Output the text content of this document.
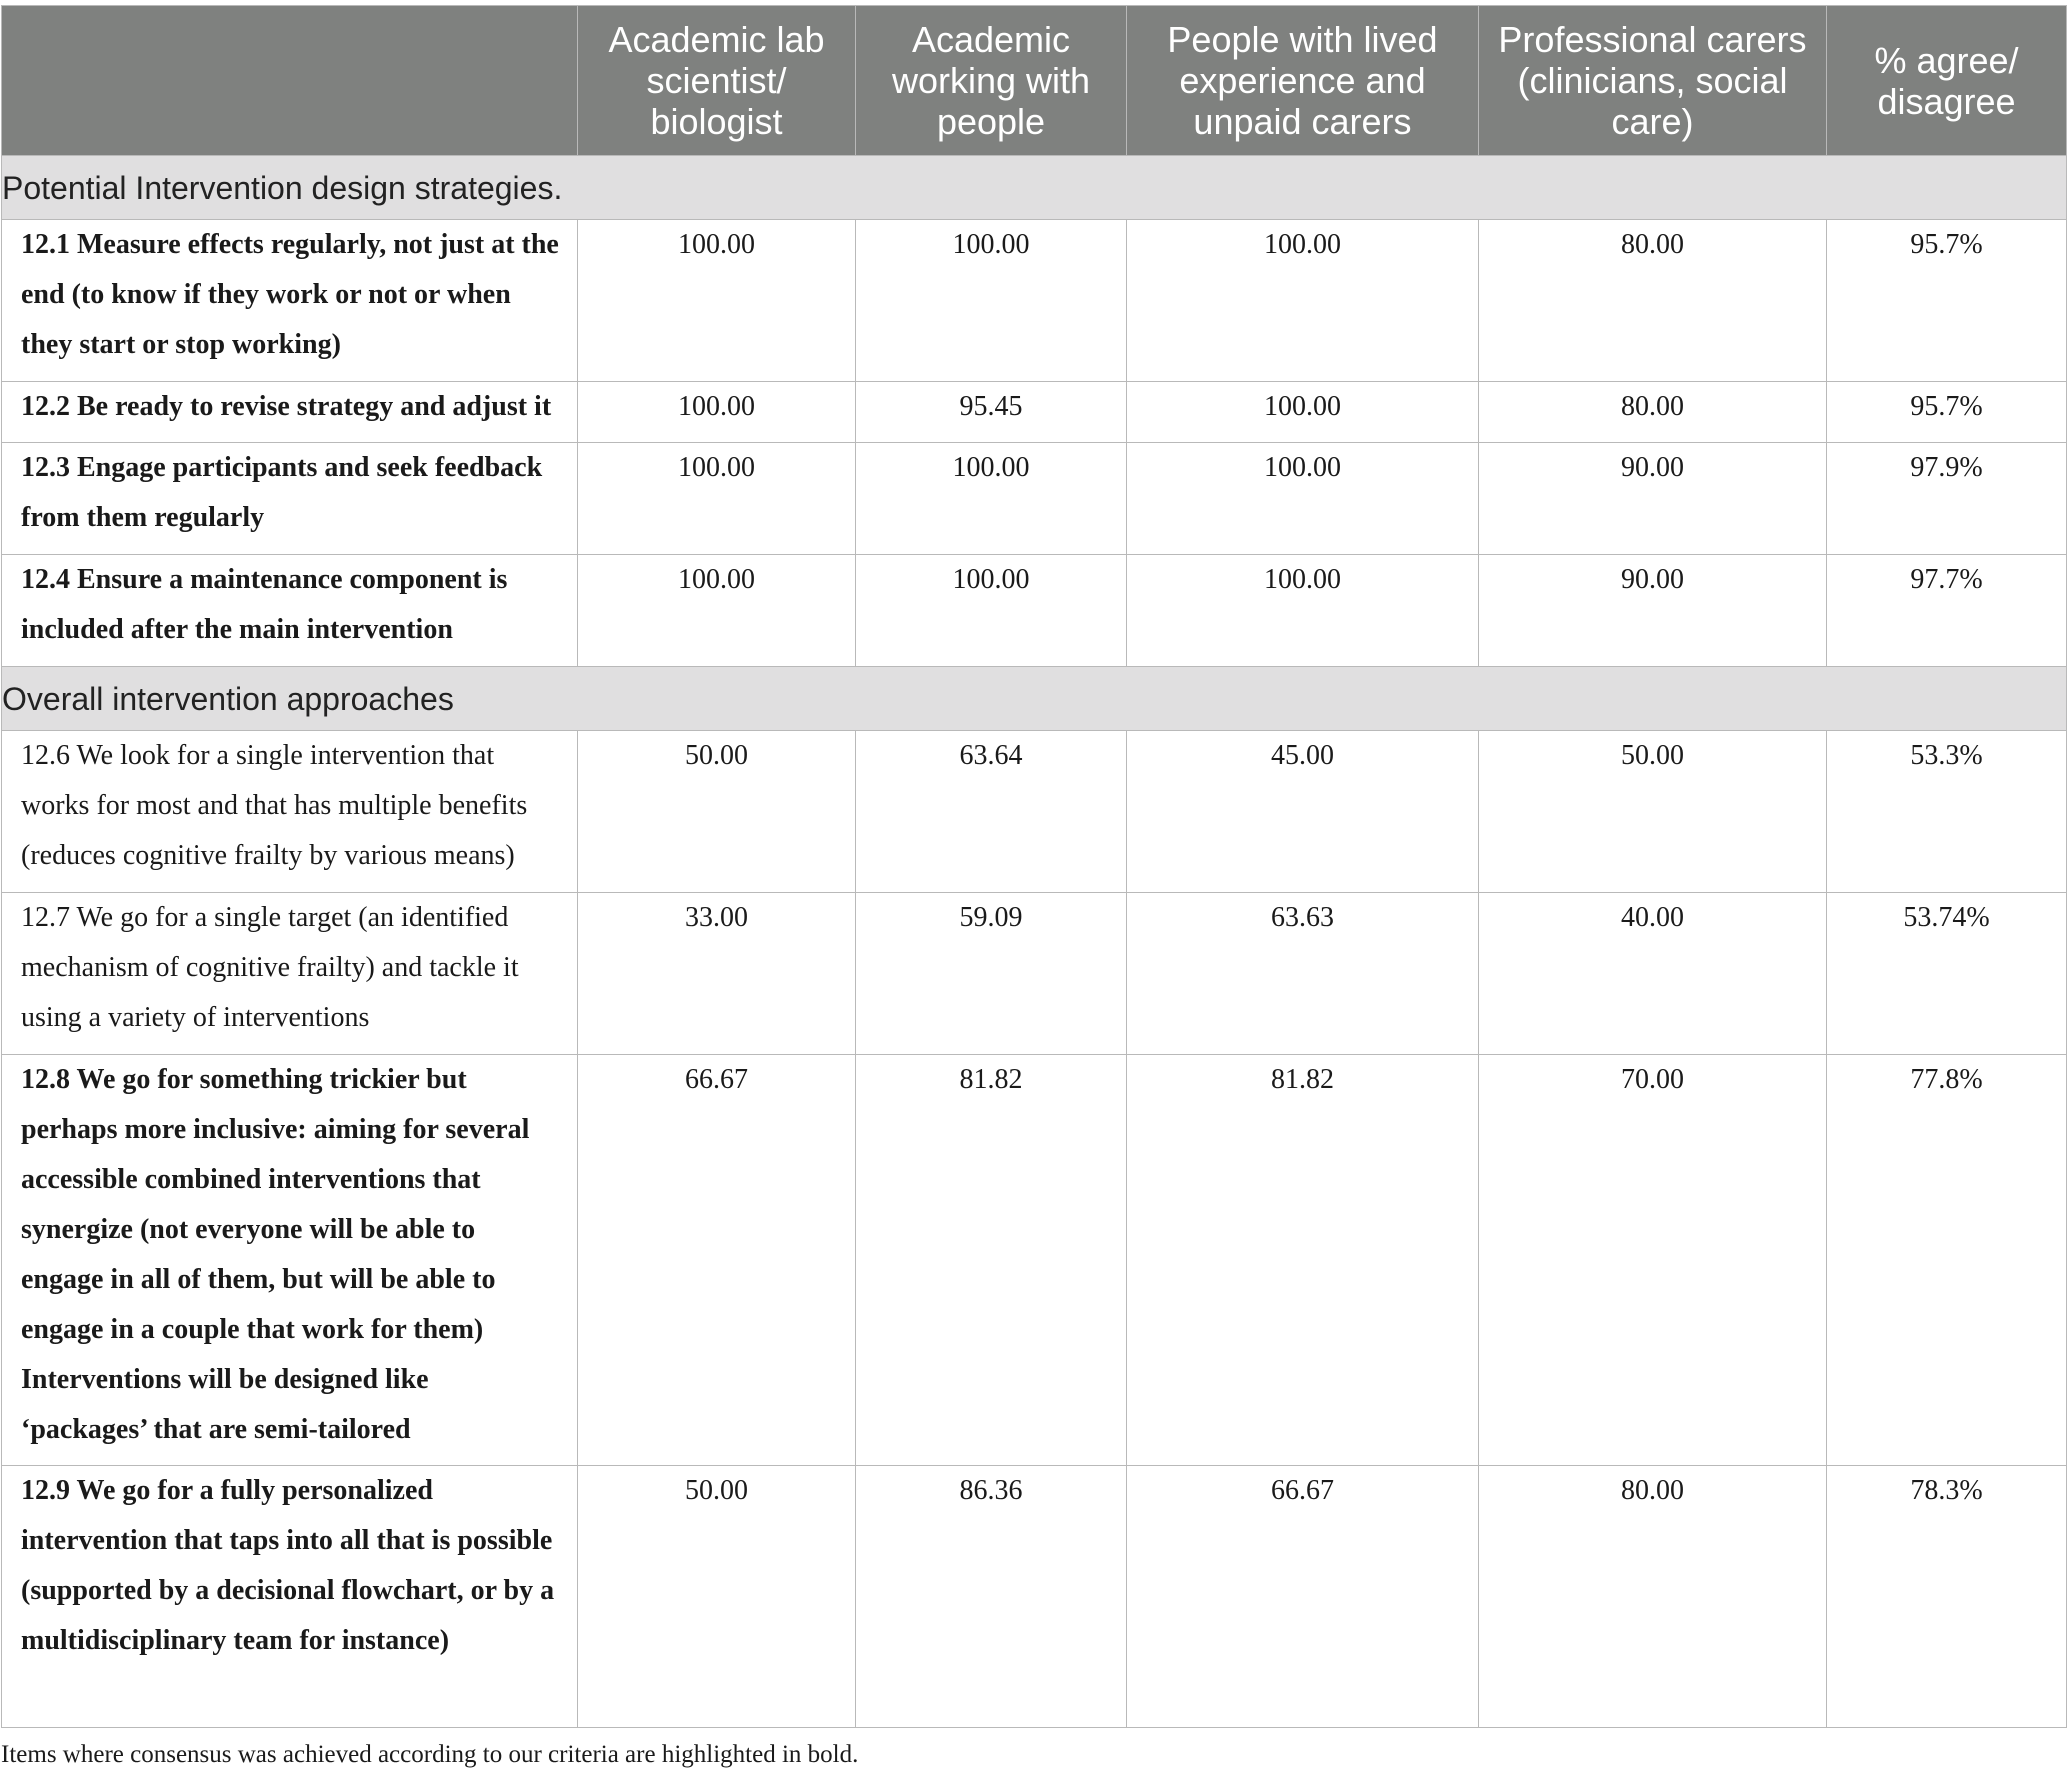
	Academic lab scientist/ biologist	Academic working with people	People with lived experience and unpaid carers	Professional carers (clinicians, social care)	% agree/ disagree
Potential Intervention design strategies.					
12.1 Measure effects regularly, not just at the end (to know if they work or not or when they start or stop working)	100.00	100.00	100.00	80.00	95.7%
12.2 Be ready to revise strategy and adjust it	100.00	95.45	100.00	80.00	95.7%
12.3 Engage participants and seek feedback from them regularly	100.00	100.00	100.00	90.00	97.9%
12.4 Ensure a maintenance component is included after the main intervention	100.00	100.00	100.00	90.00	97.7%
Overall intervention approaches					
12.6 We look for a single intervention that works for most and that has multiple benefits (reduces cognitive frailty by various means)	50.00	63.64	45.00	50.00	53.3%
12.7 We go for a single target (an identified mechanism of cognitive frailty) and tackle it using a variety of interventions	33.00	59.09	63.63	40.00	53.74%
12.8 We go for something trickier but perhaps more inclusive: aiming for several accessible combined interventions that synergize (not everyone will be able to engage in all of them, but will be able to engage in a couple that work for them) Interventions will be designed like ‘packages’ that are semi-tailored	66.67	81.82	81.82	70.00	77.8%
12.9 We go for a fully personalized intervention that taps into all that is possible (supported by a decisional flowchart, or by a multidisciplinary team for instance)	50.00	86.36	66.67	80.00	78.3%

Items where consensus was achieved according to our criteria are highlighted in bold.
